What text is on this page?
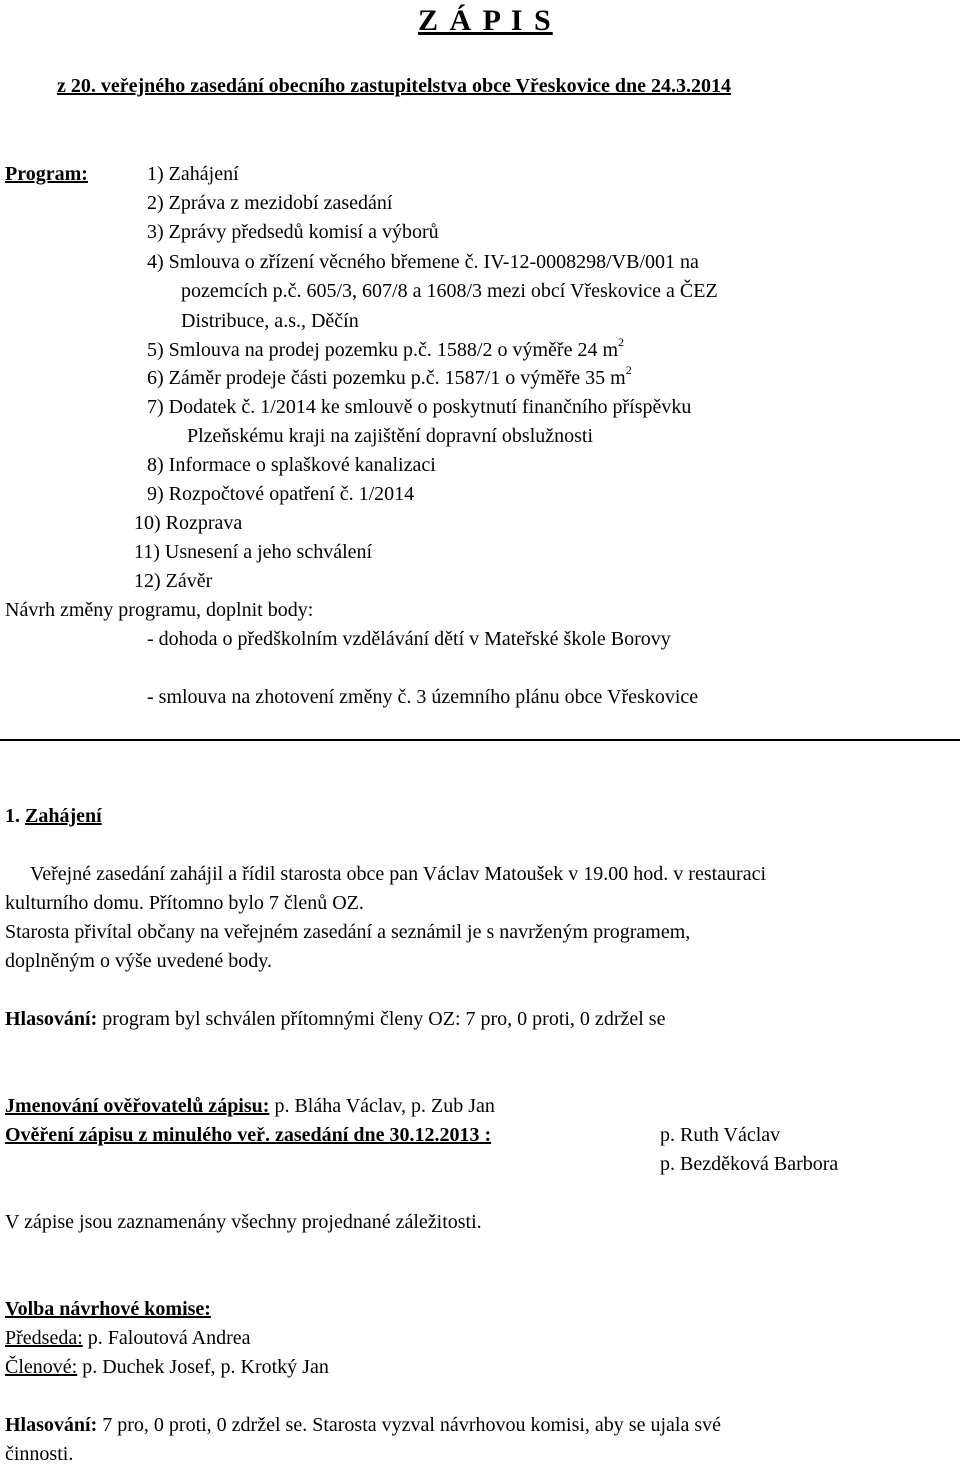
Z Á P I S
z 20. veřejného zasedání obecního zastupitelstva obce Vřeskovice dne 24.3.2014
Program:	1) Zahájení
2) Zpráva z mezidobí zasedání
3) Zprávy předsedů komisí a výborů
4) Smlouva o zřízení věcného břemene č. IV-12-0008298/VB/001 na
pozemcích p.č. 605/3, 607/8 a 1608/3 mezi obcí Vřeskovice a ČEZ
Distribuce, a.s., Děčín
5) Smlouva na prodej pozemku p.č. 1588/2 o výměře 24 $m^2$
6) Záměr prodeje části pozemku p.č. 1587/1 o výměře 35 $m^2$
7) Dodatek č. 1/2014 ke smlouvě o poskytnutí finančního příspěvku
Plzeňskému kraji na zajištění dopravní obslužnosti
8) Informace o splaškové kanalizaci
9) Rozpočtové opatření č. 1/2014
10) Rozprava
11) Usnesení a jeho schválení
12) Závěr
Návrh změny programu, doplnit body:
- dohoda o předškolním vzdělávání dětí v Mateřské škole Borovy
- smlouva na zhotovení změny č. 3 územního plánu obce Vřeskovice
1. Zahájení
Veřejné zasedání zahájil a řídil starosta obce pan Václav Matoušek v 19.00 hod. v restauraci
kulturního domu. Přítomno bylo 7 členů OZ.
Starosta přivítal občany na veřejném zasedání a seznámil je s navrženým programem,
doplněným o výše uvedené body.
Hlasování: program byl schválen přítomnými členy OZ: 7 pro, 0 proti, 0 zdržel se
Jmenování ověřovatelů zápisu: p. Bláha Václav, p. Zub Jan
Ověření zápisu z minulého veř. zasedání dne 30.12.2013 :	p. Ruth Václav
p. Bezděková Barbora
V zápise jsou zaznamenány všechny projednané záležitosti.
Volba návrhové komise:
Předseda: p. Faloutová Andrea
Členové: p. Duchek Josef, p. Krotký Jan
Hlasování: 7 pro, 0 proti, 0 zdržel se. Starosta vyzval návrhovou komisi, aby se ujala své
činnosti.
